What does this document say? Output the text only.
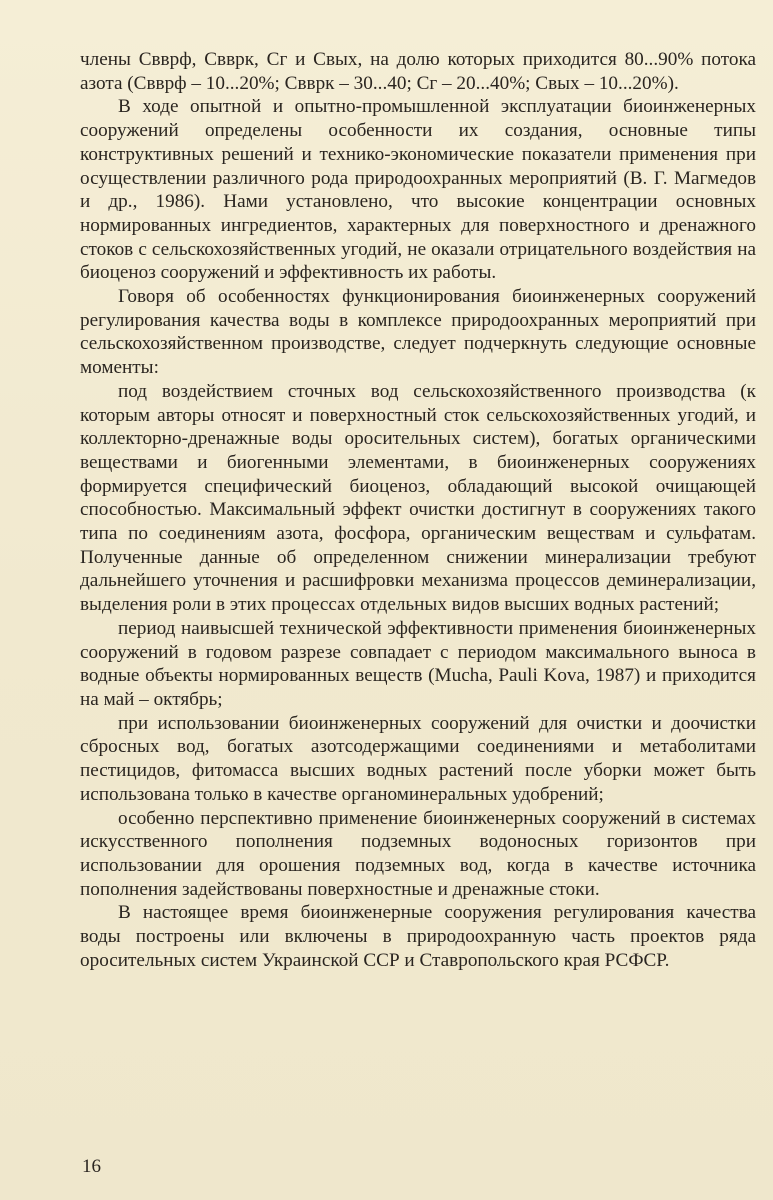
члены Cвврф, Cвврк, Cг и Cвых, на долю которых приходится 80...90% потока азота (Cвврф – 10...20%; Cвврк – 30...40; Cг – 20...40%; Cвых – 10...20%).

В ходе опытной и опытно-промышленной эксплуатации биоинженерных сооружений определены особенности их создания, основные типы конструктивных решений и технико-экономические показатели применения при осуществлении различного рода природоохранных мероприятий (В. Г. Магмедов и др., 1986). Нами установлено, что высокие концентрации основных нормированных ингредиентов, характерных для поверхностного и дренажного стоков с сельскохозяйственных угодий, не оказали отрицательного воздействия на биоценоз сооружений и эффективность их работы.

Говоря об особенностях функционирования биоинженерных сооружений регулирования качества воды в комплексе природоохранных мероприятий при сельскохозяйственном производстве, следует подчеркнуть следующие основные моменты:

под воздействием сточных вод сельскохозяйственного производства (к которым авторы относят и поверхностный сток сельскохозяйственных угодий, и коллекторно-дренажные воды оросительных систем), богатых органическими веществами и биогенными элементами, в биоинженерных сооружениях формируется специфический биоценоз, обладающий высокой очищающей способностью. Максимальный эффект очистки достигнут в сооружениях такого типа по соединениям азота, фосфора, органическим веществам и сульфатам. Полученные данные об определенном снижении минерализации требуют дальнейшего уточнения и расшифровки механизма процессов деминерализации, выделения роли в этих процессах отдельных видов высших водных растений;

период наивысшей технической эффективности применения биоинженерных сооружений в годовом разрезе совпадает с периодом максимального выноса в водные объекты нормированных веществ (Mucha, Pauli Kova, 1987) и приходится на май – октябрь;

при использовании биоинженерных сооружений для очистки и доочистки сбросных вод, богатых азотсодержащими соединениями и метаболитами пестицидов, фитомасса высших водных растений после уборки может быть использована только в качестве органоминеральных удобрений;

особенно перспективно применение биоинженерных сооружений в системах искусственного пополнения подземных водоносных горизонтов при использовании для орошения подземных вод, когда в качестве источника пополнения задействованы поверхностные и дренажные стоки.

В настоящее время биоинженерные сооружения регулирования качества воды построены или включены в природоохранную часть проектов ряда оросительных систем Украинской ССР и Ставропольского края РСФСР.

16
